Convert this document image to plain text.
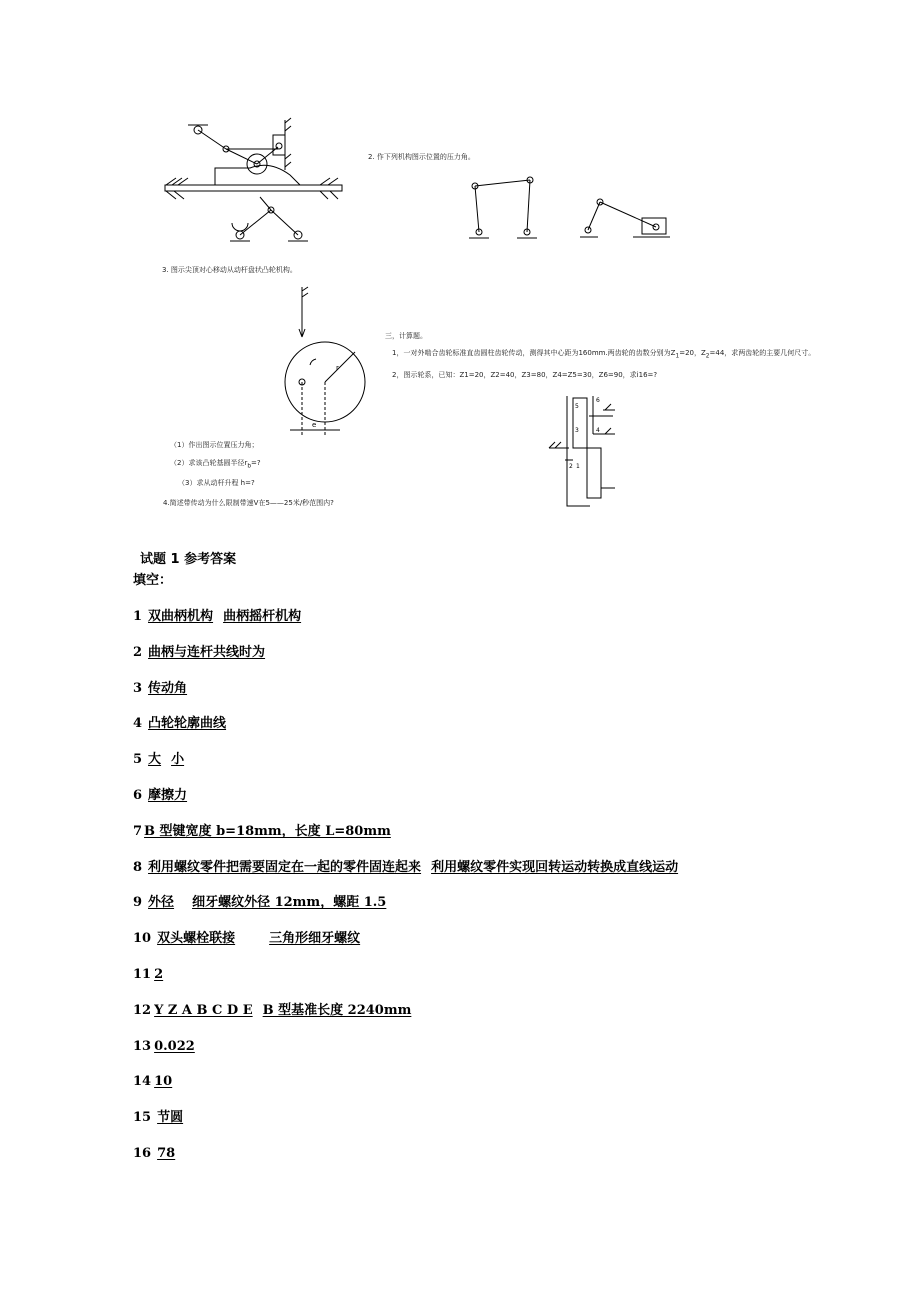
2. 作下列机构图示位置的压力角。
3. 图示尖顶对心移动从动杆盘状凸轮机构。
r
e
（1）作出图示位置压力角；
（2）求该凸轮基圆半径$r_b=$?
（3）求从动杆升程 h=?
4.简述带传动为什么限制带速V在5——25米/秒范围内?
三，计算题。
1，一对外啮合齿轮标准直齿圆柱齿轮传动，测得其中心距为160mm.两齿轮的齿数分别为$Z_1=20$，$Z_2=44$，求两齿轮的主要几何尺寸。
2，图示轮系，已知：Z1=20，Z2=40，Z3=80，Z4=Z5=30，Z6=90，求i16=?
5
3
6
2
4
1
试题 1 参考答案
填空：
1 双曲柄机构 曲柄摇杆机构
2 曲柄与连杆共线时为
3 传动角
4 凸轮轮廓曲线
5 大 小
6 摩擦力
7 B 型键宽度 b=18mm，长度 L=80mm
8 利用螺纹零件把需要固定在一起的零件固连起来 利用螺纹零件实现回转运动转换成直线运动
9 外径 细牙螺纹外径 12mm，螺距 1.5
10 双头螺栓联接	三角形细牙螺纹
11 2
12 Y Z A B C D E B 型基准长度 2240mm
13 0.022
14 10
15 节圆
16 78
